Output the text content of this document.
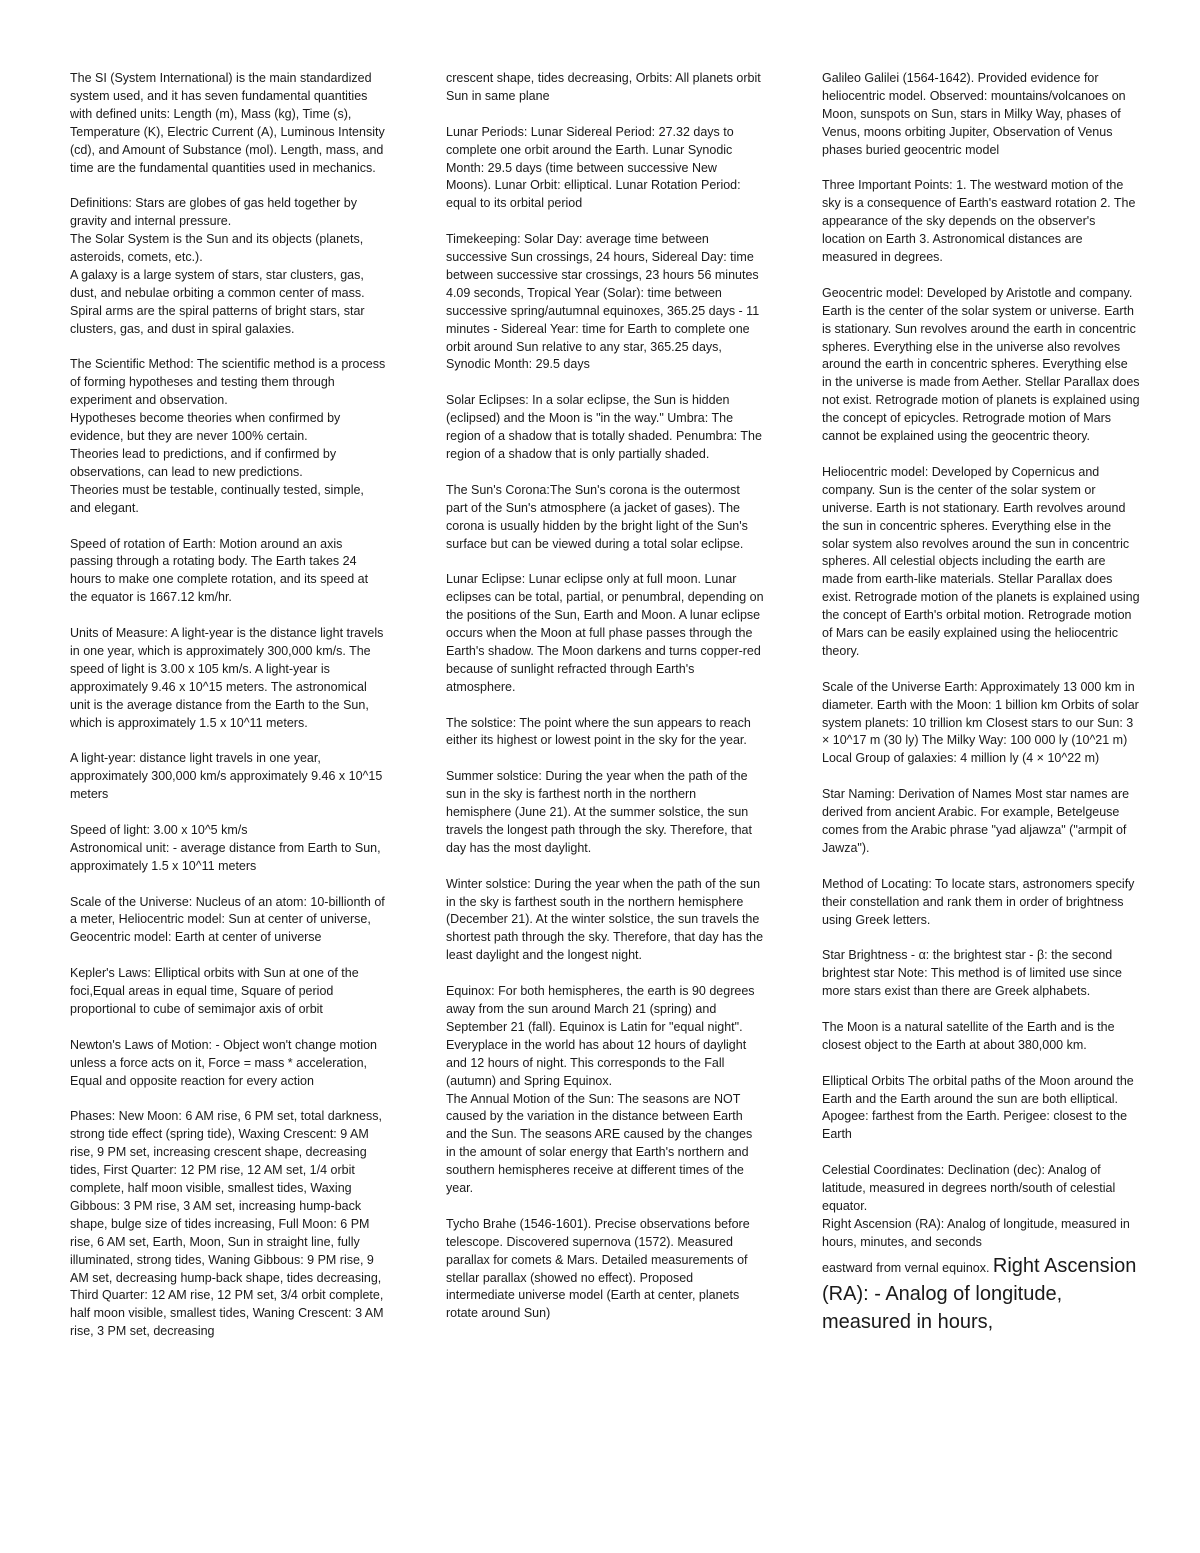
The SI (System International) is the main standardized system used, and it has seven fundamental quantities with defined units: Length (m), Mass (kg), Time (s), Temperature (K), Electric Current (A), Luminous Intensity (cd), and Amount of Substance (mol). Length, mass, and time are the fundamental quantities used in mechanics.

Definitions: Stars are globes of gas held together by gravity and internal pressure.
The Solar System is the Sun and its objects (planets, asteroids, comets, etc.).
A galaxy is a large system of stars, star clusters, gas, dust, and nebulae orbiting a common center of mass.
Spiral arms are the spiral patterns of bright stars, star clusters, gas, and dust in spiral galaxies.

The Scientific Method: The scientific method is a process of forming hypotheses and testing them through experiment and observation.
Hypotheses become theories when confirmed by evidence, but they are never 100% certain.
Theories lead to predictions, and if confirmed by observations, can lead to new predictions.
Theories must be testable, continually tested, simple, and elegant.

Speed of rotation of Earth: Motion around an axis passing through a rotating body. The Earth takes 24 hours to make one complete rotation, and its speed at the equator is 1667.12 km/hr.

Units of Measure: A light-year is the distance light travels in one year, which is approximately 300,000 km/s. The speed of light is 3.00 x 105 km/s. A light-year is approximately 9.46 x 10^15 meters. The astronomical unit is the average distance from the Earth to the Sun, which is approximately 1.5 x 10^11 meters.

A light-year: distance light travels in one year, approximately 300,000 km/s approximately 9.46 x 10^15 meters

Speed of light: 3.00 x 10^5 km/s
Astronomical unit: - average distance from Earth to Sun, approximately 1.5 x 10^11 meters

Scale of the Universe: Nucleus of an atom: 10-billionth of a meter, Heliocentric model: Sun at center of universe, Geocentric model: Earth at center of universe

Kepler's Laws: Elliptical orbits with Sun at one of the foci,Equal areas in equal time, Square of period proportional to cube of semimajor axis of orbit

Newton's Laws of Motion: - Object won't change motion unless a force acts on it, Force = mass * acceleration, Equal and opposite reaction for every action

Phases: New Moon: 6 AM rise, 6 PM set, total darkness, strong tide effect (spring tide), Waxing Crescent: 9 AM rise, 9 PM set, increasing crescent shape, decreasing tides, First Quarter: 12 PM rise, 12 AM set, 1/4 orbit complete, half moon visible, smallest tides, Waxing Gibbous: 3 PM rise, 3 AM set, increasing hump-back shape, bulge size of tides increasing, Full Moon: 6 PM rise, 6 AM set, Earth, Moon, Sun in straight line, fully illuminated, strong tides, Waning Gibbous: 9 PM rise, 9 AM set, decreasing hump-back shape, tides decreasing, Third Quarter: 12 AM rise, 12 PM set, 3/4 orbit complete, half moon visible, smallest tides, Waning Crescent: 3 AM rise, 3 PM set, decreasing

crescent shape, tides decreasing, Orbits: All planets orbit Sun in same plane

Lunar Periods: Lunar Sidereal Period: 27.32 days to complete one orbit around the Earth. Lunar Synodic Month: 29.5 days (time between successive New Moons). Lunar Orbit: elliptical. Lunar Rotation Period: equal to its orbital period

Timekeeping: Solar Day: average time between successive Sun crossings, 24 hours, Sidereal Day: time between successive star crossings, 23 hours 56 minutes 4.09 seconds, Tropical Year (Solar): time between successive spring/autumnal equinoxes, 365.25 days - 11 minutes - Sidereal Year: time for Earth to complete one orbit around Sun relative to any star, 365.25 days, Synodic Month: 29.5 days

Solar Eclipses: In a solar eclipse, the Sun is hidden (eclipsed) and the Moon is "in the way." Umbra: The region of a shadow that is totally shaded. Penumbra: The region of a shadow that is only partially shaded.

The Sun's Corona:The Sun's corona is the outermost part of the Sun's atmosphere (a jacket of gases). The corona is usually hidden by the bright light of the Sun's surface but can be viewed during a total solar eclipse.

Lunar Eclipse: Lunar eclipse only at full moon. Lunar eclipses can be total, partial, or penumbral, depending on the positions of the Sun, Earth and Moon. A lunar eclipse occurs when the Moon at full phase passes through the Earth's shadow. The Moon darkens and turns copper-red because of sunlight refracted through Earth's atmosphere.

The solstice: The point where the sun appears to reach either its highest or lowest point in the sky for the year.

Summer solstice: During the year when the path of the sun in the sky is farthest north in the northern hemisphere (June 21). At the summer solstice, the sun travels the longest path through the sky. Therefore, that day has the most daylight.

Winter solstice: During the year when the path of the sun in the sky is farthest south in the northern hemisphere (December 21). At the winter solstice, the sun travels the shortest path through the sky. Therefore, that day has the least daylight and the longest night.

Equinox: For both hemispheres, the earth is 90 degrees away from the sun around March 21 (spring) and September 21 (fall). Equinox is Latin for "equal night". Everyplace in the world has about 12 hours of daylight and 12 hours of night. This corresponds to the Fall (autumn) and Spring Equinox.
The Annual Motion of the Sun: The seasons are NOT caused by the variation in the distance between Earth and the Sun. The seasons ARE caused by the changes in the amount of solar energy that Earth's northern and southern hemispheres receive at different times of the year.

Tycho Brahe (1546-1601). Precise observations before telescope. Discovered supernova (1572). Measured parallax for comets & Mars. Detailed measurements of stellar parallax (showed no effect). Proposed intermediate universe model (Earth at center, planets rotate around Sun)

Galileo Galilei (1564-1642). Provided evidence for heliocentric model. Observed: mountains/volcanoes on Moon, sunspots on Sun, stars in Milky Way, phases of Venus, moons orbiting Jupiter, Observation of Venus phases buried geocentric model

Three Important Points: 1. The westward motion of the sky is a consequence of Earth's eastward rotation 2. The appearance of the sky depends on the observer's location on Earth 3. Astronomical distances are measured in degrees.

Geocentric model: Developed by Aristotle and company. Earth is the center of the solar system or universe. Earth is stationary. Sun revolves around the earth in concentric spheres. Everything else in the universe also revolves around the earth in concentric spheres. Everything else in the universe is made from Aether. Stellar Parallax does not exist. Retrograde motion of planets is explained using the concept of epicycles. Retrograde motion of Mars cannot be explained using the geocentric theory.

Heliocentric model: Developed by Copernicus and company. Sun is the center of the solar system or universe. Earth is not stationary. Earth revolves around the sun in concentric spheres. Everything else in the solar system also revolves around the sun in concentric spheres. All celestial objects including the earth are made from earth-like materials. Stellar Parallax does exist. Retrograde motion of the planets is explained using the concept of Earth's orbital motion. Retrograde motion of Mars can be easily explained using the heliocentric theory.

Scale of the Universe Earth: Approximately 13 000 km in diameter. Earth with the Moon: 1 billion km Orbits of solar system planets: 10 trillion km Closest stars to our Sun: 3 × 10^17 m (30 ly) The Milky Way: 100 000 ly (10^21 m) Local Group of galaxies: 4 million ly (4 × 10^22 m)

Star Naming: Derivation of Names Most star names are derived from ancient Arabic. For example, Betelgeuse comes from the Arabic phrase "yad aljawza" ("armpit of Jawza").

Method of Locating: To locate stars, astronomers specify their constellation and rank them in order of brightness using Greek letters.

Star Brightness - α: the brightest star - β: the second brightest star Note: This method is of limited use since more stars exist than there are Greek alphabets.

The Moon is a natural satellite of the Earth and is the closest object to the Earth at about 380,000 km.

Elliptical Orbits The orbital paths of the Moon around the Earth and the Earth around the sun are both elliptical. Apogee: farthest from the Earth. Perigee: closest to the Earth

Celestial Coordinates: Declination (dec): Analog of latitude, measured in degrees north/south of celestial equator.
Right Ascension (RA): Analog of longitude, measured in hours, minutes, and seconds

eastward from vernal equinox. Right Ascension (RA): - Analog of longitude, measured in hours,
